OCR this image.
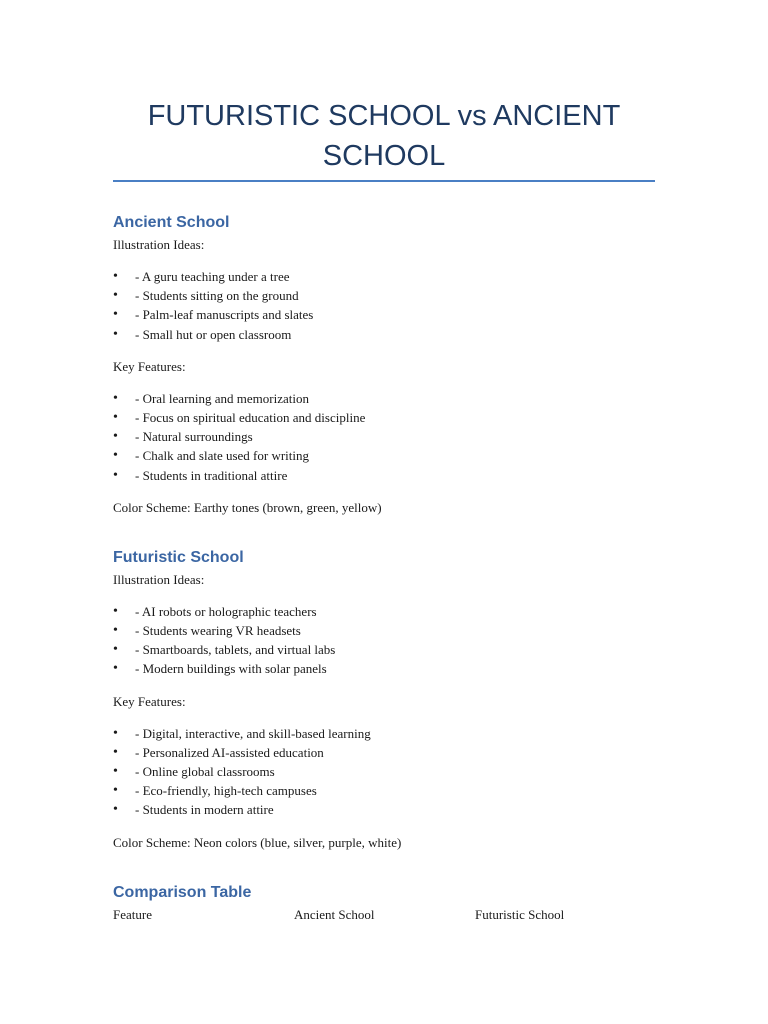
FUTURISTIC SCHOOL vs ANCIENT SCHOOL
Ancient School

Illustration Ideas:

• - A guru teaching under a tree
• - Students sitting on the ground
• - Palm-leaf manuscripts and slates
• - Small hut or open classroom

Key Features:

• - Oral learning and memorization
• - Focus on spiritual education and discipline
• - Natural surroundings
• - Chalk and slate used for writing
• - Students in traditional attire

Color Scheme: Earthy tones (brown, green, yellow)

Futuristic School

Illustration Ideas:

• - AI robots or holographic teachers
• - Students wearing VR headsets
• - Smartboards, tablets, and virtual labs
• - Modern buildings with solar panels

Key Features:

• - Digital, interactive, and skill-based learning
• - Personalized AI-assisted education
• - Online global classrooms
• - Eco-friendly, high-tech campuses
• - Students in modern attire

Color Scheme: Neon colors (blue, silver, purple, white)

Comparison Table
Feature	Ancient School	Futuristic School
